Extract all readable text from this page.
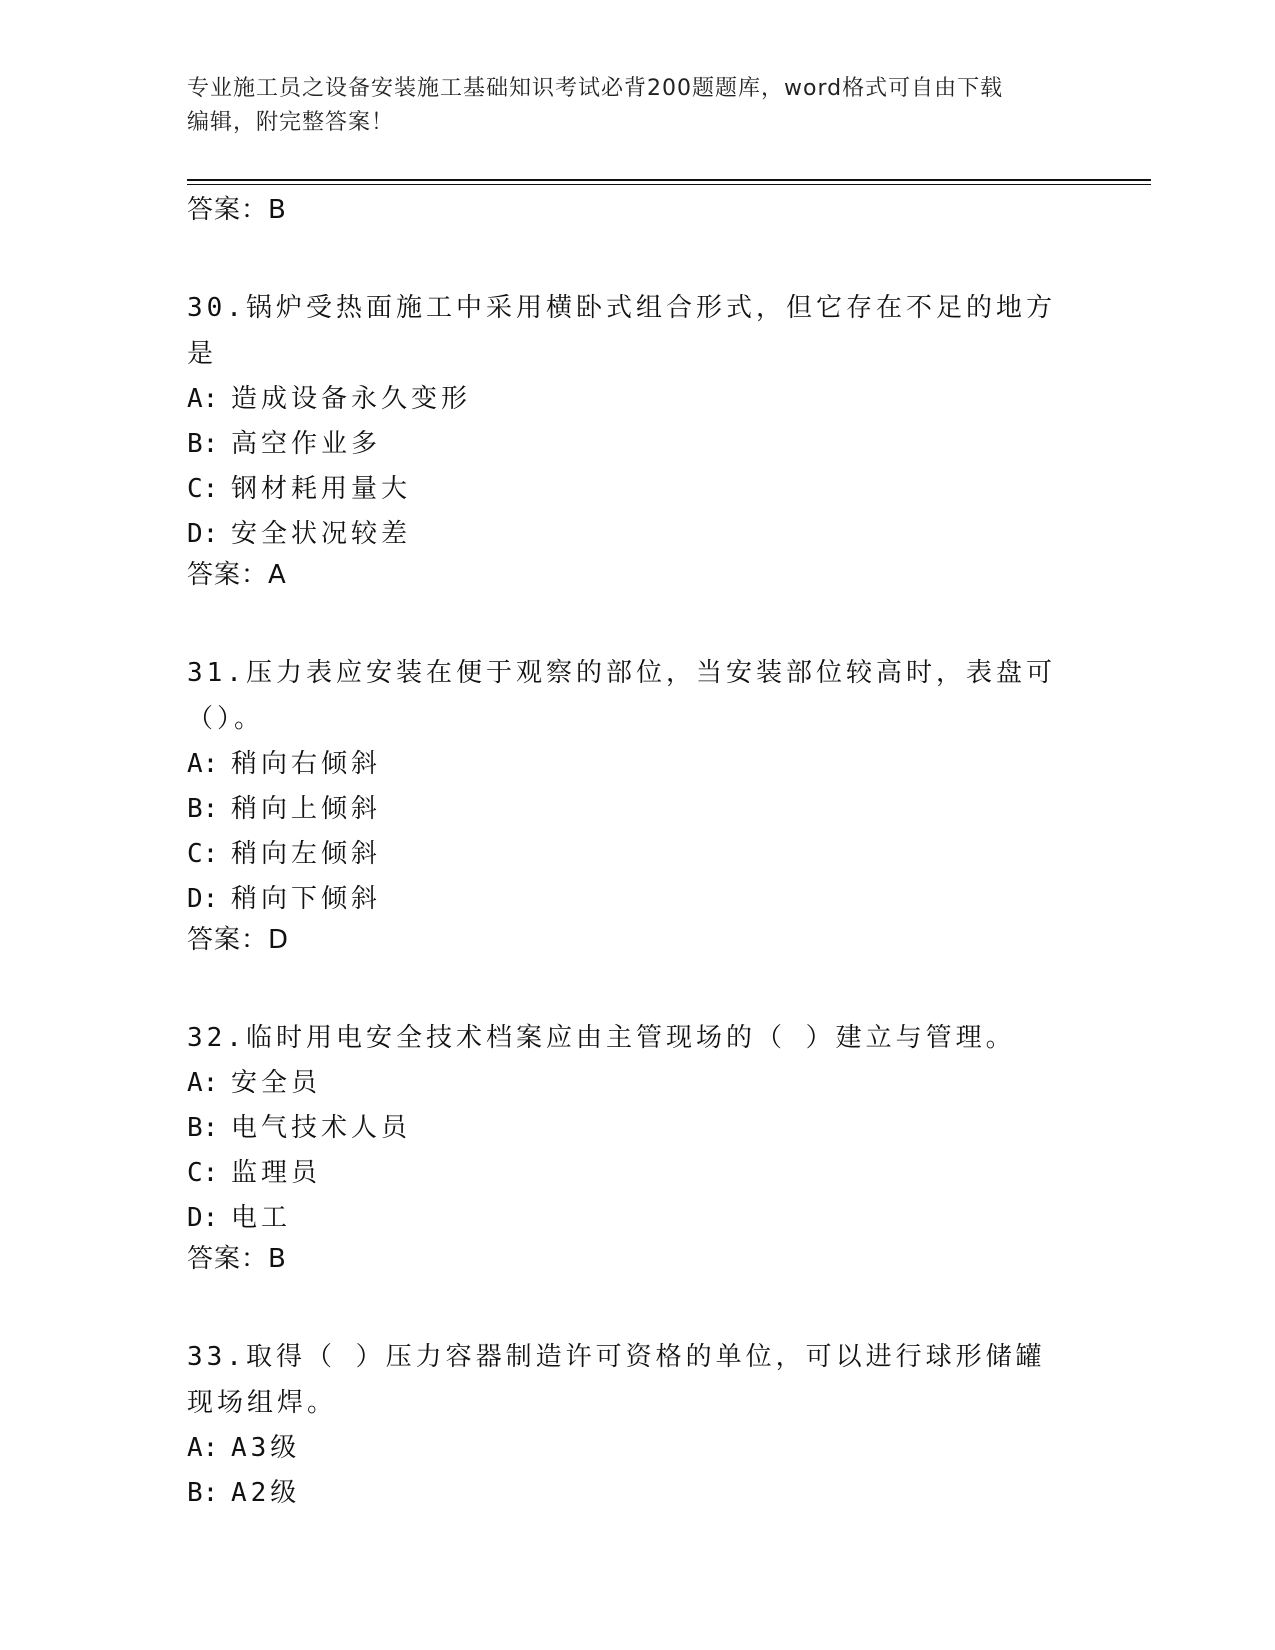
专业施工员之设备安装施工基础知识考试必背200题题库，word格式可自由下载
编辑，附完整答案！
答案：B
30.锅炉受热面施工中采用横卧式组合形式，但它存在不足的地方是
A: 造成设备永久变形
B: 高空作业多
C: 钢材耗用量大
D: 安全状况较差
答案：A
31.压力表应安装在便于观察的部位，当安装部位较高时，表盘可（）。
A: 稍向右倾斜
B: 稍向上倾斜
C: 稍向左倾斜
D: 稍向下倾斜
答案：D
32.临时用电安全技术档案应由主管现场的（ ）建立与管理。
A: 安全员
B: 电气技术人员
C: 监理员
D: 电工
答案：B
33.取得（ ）压力容器制造许可资格的单位，可以进行球形储罐现场组焊。
A: A3级
B: A2级
